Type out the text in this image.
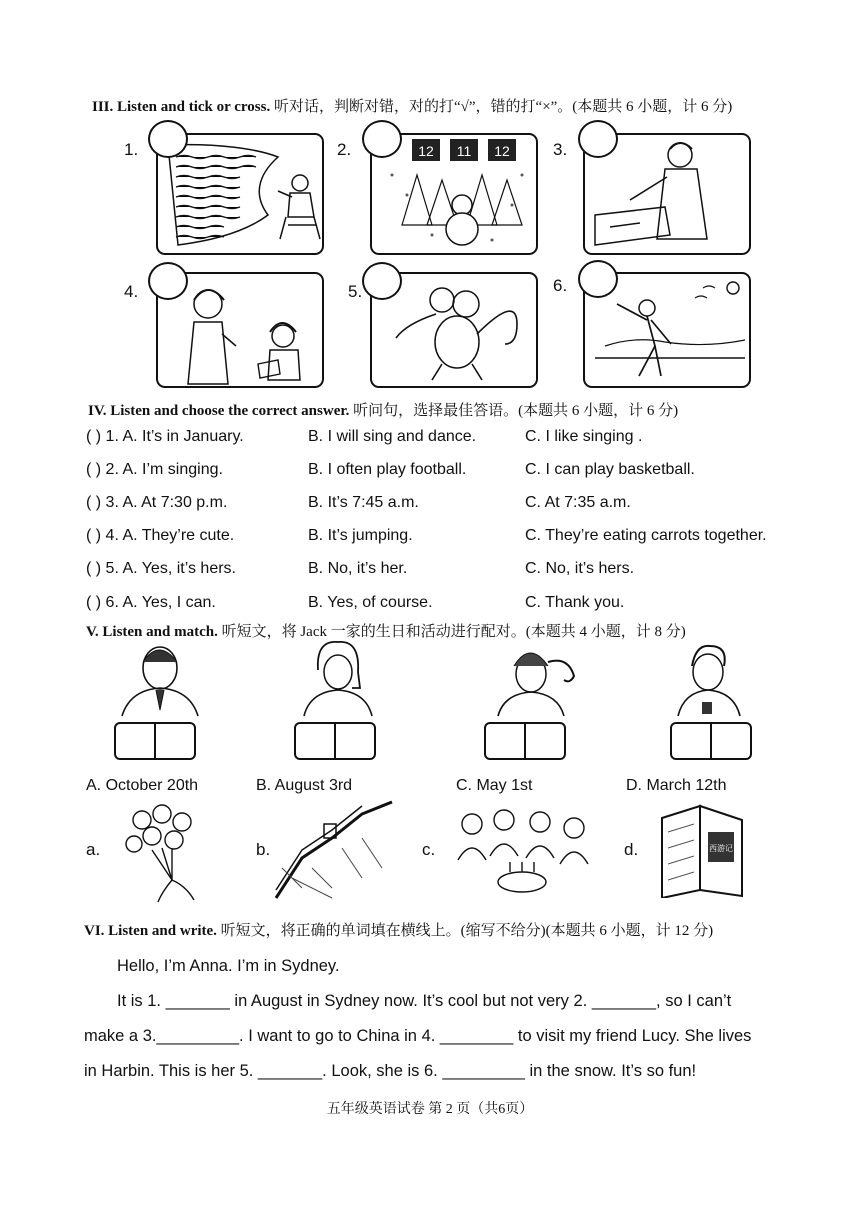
III. Listen and tick or cross. 听对话，判断对错，对的打“√”，错的打“×”。(本题共 6 小题，计 6 分)
1.	2.	3.
4.	5.	6.
12 11 12
IV. Listen and choose the correct answer. 听问句，选择最佳答语。(本题共 6 小题，计 6 分)
( ) 1. A. It’s in January.	B. I will sing and dance.	C. I like singing .
( ) 2. A. I’m singing.	B. I often play football.	C. I can play basketball.
( ) 3. A. At 7:30 p.m.	B. It’s 7:45 a.m.	C. At 7:35 a.m.
( ) 4. A. They’re cute.	B. It’s jumping.	C. They’re eating carrots together.
( ) 5. A. Yes, it’s hers.	B. No, it’s her.	C. No, it’s hers.
( ) 6. A. Yes, I can.	B. Yes, of course.	C. Thank you.
V. Listen and match. 听短文，将 Jack 一家的生日和活动进行配对。(本题共 4 小题，计 8 分)
A. October 20th	B. August 3rd	C. May 1st	D. March 12th
a.	b.	c.	d.	西游记
VI. Listen and write. 听短文，将正确的单词填在横线上。(缩写不给分)(本题共 6 小题，计 12 分)
Hello, I’m Anna. I’m in Sydney.
It is 1. _______ in August in Sydney now. It’s cool but not very 2. _______, so I can’t
make a 3._________. I want to go to China in 4. ________ to visit my friend Lucy. She lives
in Harbin. This is her 5. _______. Look, she is 6. _________ in the snow. It’s so fun!
五年级英语试卷 第 2 页（共6页）
